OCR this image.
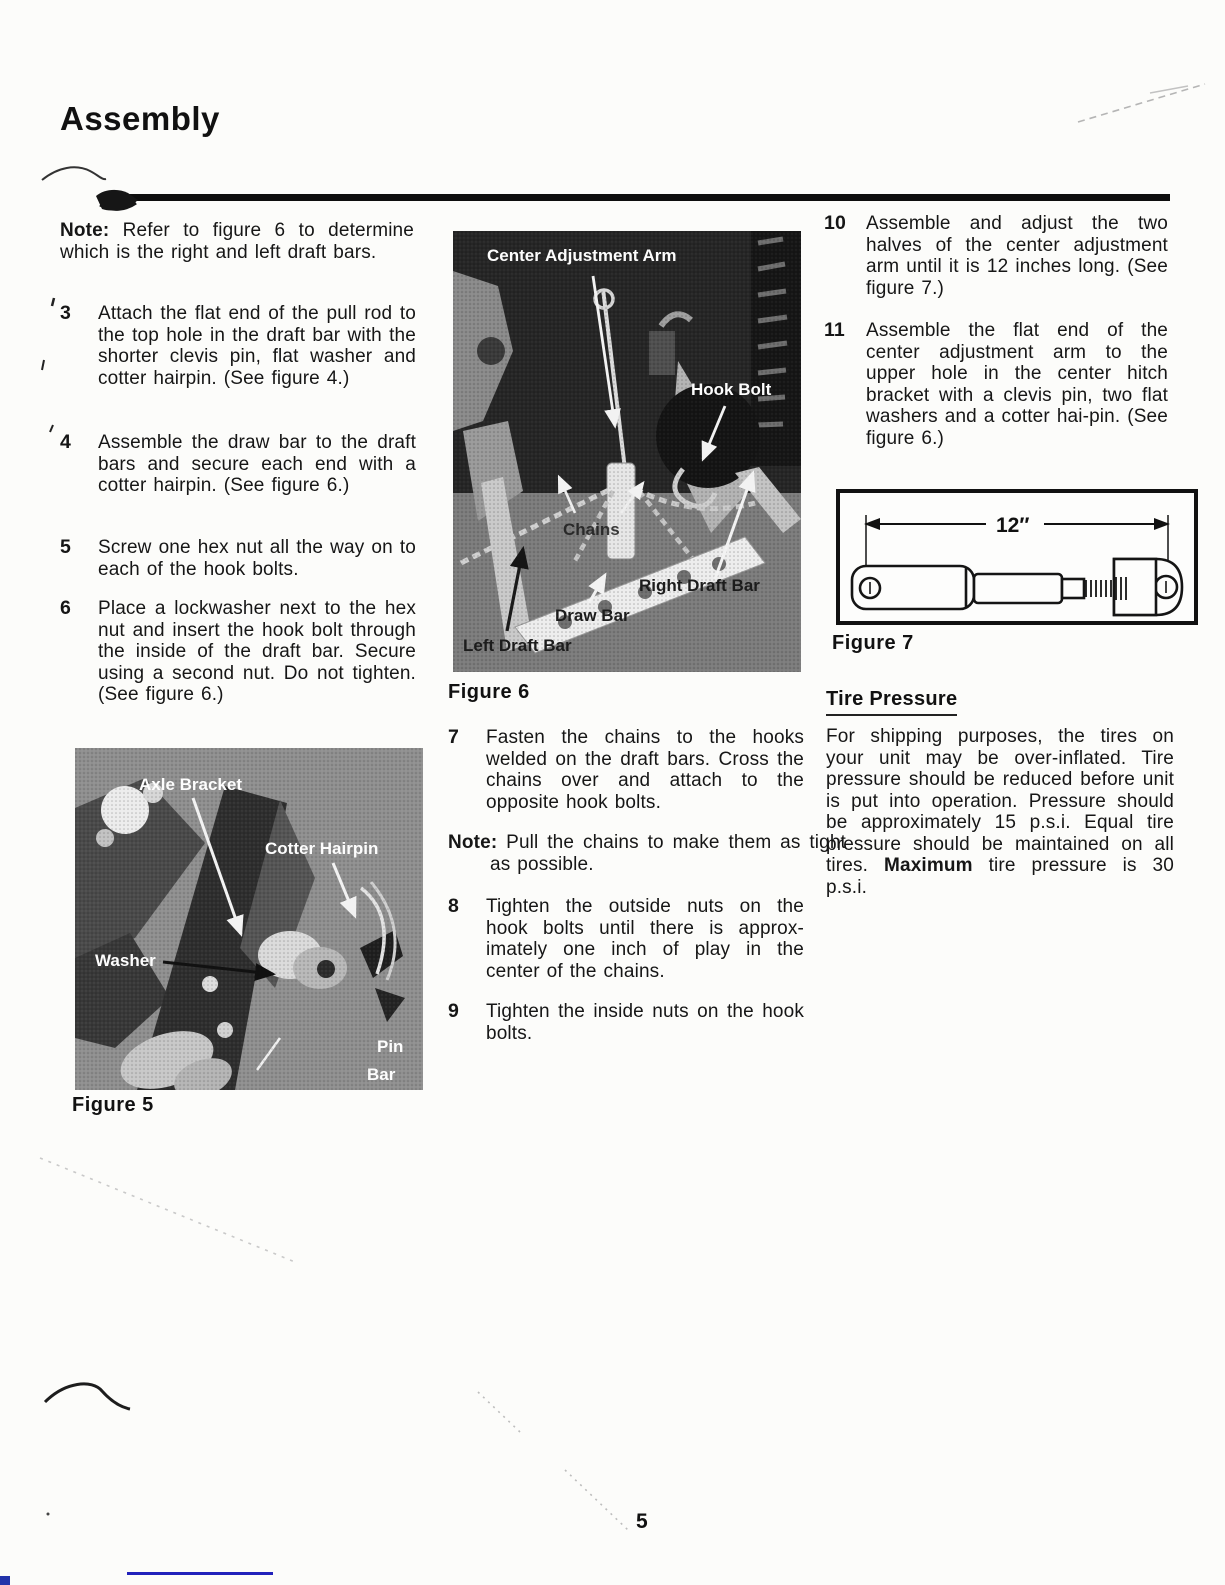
Assembly
Note: Refer to figure 6 to determine which is the right and left draft bars.
3	Attach the flat end of the pull rod to the top hole in the draft bar with the shorter clevis pin, flat washer and cotter hairpin. (See figure 4.)
4	Assemble the draw bar to the draft bars and secure each end with a cotter hairpin. (See figure 6.)
5	Screw one hex nut all the way on to each of the hook bolts.
6	Place a lockwasher next to the hex nut and insert the hook bolt through the inside of the draft bar. Secure using a second nut. Do not tighten. (See figure 6.)
Axle Bracket
Cotter Hairpin
Washer
Pin
Bar
Figure 5
Center Adjustment Arm
Hook Bolt
Chains
Right Draft Bar
Draw Bar
Left Draft Bar
Figure 6
7	Fasten the chains to the hooks welded on the draft bars. Cross the chains over and attach to the opposite hook bolts.
Note: Pull the chains to make them as tight as possible.
8	Tighten the outside nuts on the hook bolts until there is approx-imately one inch of play in the center of the chains.
9	Tighten the inside nuts on the hook bolts.
10	Assemble and adjust the two halves of the center adjustment arm until it is 12 inches long. (See figure 7.)
11	Assemble the flat end of the center adjustment arm to the upper hole in the center hitch bracket with a clevis pin, two flat washers and a cotter hai-pin. (See figure 6.)
12″
Figure 7
Tire Pressure
For shipping purposes, the tires on your unit may be over-inflated. Tire pressure should be reduced before unit is put into operation. Pressure should be approximately 15 p.s.i. Equal tire pressure should be maintained on all tires. Maximum tire pressure is 30 p.s.i.
5
